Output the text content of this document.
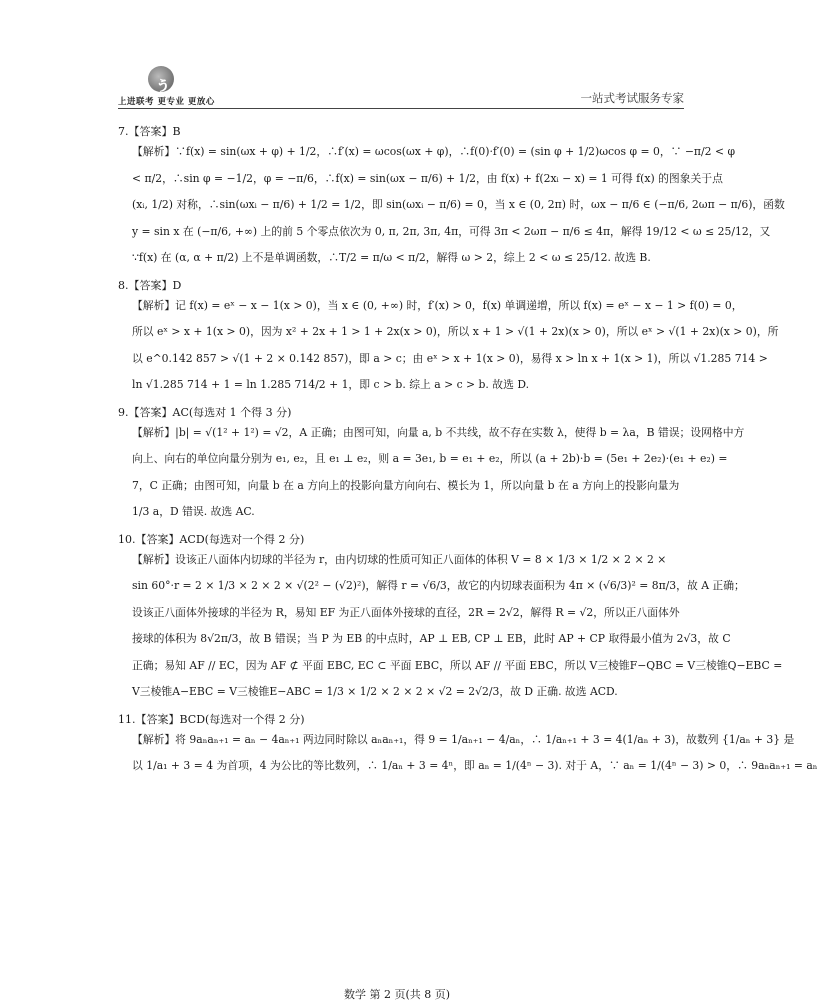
ぅ
上进联考 更专业 更放心	一站式考试服务专家
7.【答案】B

【解析】∵f(x) = sin(ωx + φ) + 1/2，∴f′(x) = ωcos(ωx + φ)，∴f(0)·f′(0) = (sin φ + 1/2)ωcos φ = 0，∵ −π/2 < φ

< π/2，∴sin φ = −1/2，φ = −π/6，∴f(x) = sin(ωx − π/6) + 1/2，由 f(x) + f(2xᵢ − x) = 1 可得 f(x) 的图象关于点

(xᵢ, 1/2) 对称，∴sin(ωxᵢ − π/6) + 1/2 = 1/2，即 sin(ωxᵢ − π/6) = 0，当 x ∈ (0, 2π) 时，ωx − π/6 ∈ (−π/6, 2ωπ − π/6)，函数

y = sin x 在 (−π/6, +∞) 上的前 5 个零点依次为 0, π, 2π, 3π, 4π，可得 3π < 2ωπ − π/6 ≤ 4π，解得 19/12 < ω ≤ 25/12，又

∵f(x) 在 (α, α + π/2) 上不是单调函数，∴T/2 = π/ω < π/2，解得 ω > 2，综上 2 < ω ≤ 25/12. 故选 B.

8.【答案】D

【解析】记 f(x) = eˣ − x − 1(x > 0)，当 x ∈ (0, +∞) 时，f′(x) > 0，f(x) 单调递增，所以 f(x) = eˣ − x − 1 > f(0) = 0，

所以 eˣ > x + 1(x > 0)，因为 x² + 2x + 1 > 1 + 2x(x > 0)，所以 x + 1 > √(1 + 2x)(x > 0)，所以 eˣ > √(1 + 2x)(x > 0)，所

以 e^0.142 857 > √(1 + 2 × 0.142 857)，即 a > c；由 eˣ > x + 1(x > 0)，易得 x > ln x + 1(x > 1)，所以 √1.285 714 >

ln √1.285 714 + 1 = ln 1.285 714/2 + 1，即 c > b. 综上 a > c > b. 故选 D.

9.【答案】AC(每选对 1 个得 3 分)

【解析】|b| = √(1² + 1²) = √2，A 正确；由图可知，向量 a, b 不共线，故不存在实数 λ，使得 b = λa，B 错误；设网格中方

向上、向右的单位向量分别为 e₁, e₂，且 e₁ ⊥ e₂，则 a = 3e₁, b = e₁ + e₂，所以 (a + 2b)·b = (5e₁ + 2e₂)·(e₁ + e₂) =

7，C 正确；由图可知，向量 b 在 a 方向上的投影向量方向向右、模长为 1，所以向量 b 在 a 方向上的投影向量为

1/3 a，D 错误. 故选 AC.

10.【答案】ACD(每选对一个得 2 分)

【解析】设该正八面体内切球的半径为 r，由内切球的性质可知正八面体的体积 V = 8 × 1/3 × 1/2 × 2 × 2 ×

sin 60°·r = 2 × 1/3 × 2 × 2 × √(2² − (√2)²)，解得 r = √6/3，故它的内切球表面积为 4π × (√6/3)² = 8π/3，故 A 正确；

设该正八面体外接球的半径为 R，易知 EF 为正八面体外接球的直径，2R = 2√2，解得 R = √2，所以正八面体外

接球的体积为 8√2π/3，故 B 错误；当 P 为 EB 的中点时，AP ⊥ EB, CP ⊥ EB，此时 AP + CP 取得最小值为 2√3，故 C

正确；易知 AF // EC，因为 AF ⊄ 平面 EBC, EC ⊂ 平面 EBC，所以 AF // 平面 EBC，所以 V三棱锥F−QBC = V三棱锥Q−EBC =

V三棱锥A−EBC = V三棱锥E−ABC = 1/3 × 1/2 × 2 × 2 × √2 = 2√2/3，故 D 正确. 故选 ACD.

11.【答案】BCD(每选对一个得 2 分)

【解析】将 9aₙaₙ₊₁ = aₙ − 4aₙ₊₁ 两边同时除以 aₙaₙ₊₁，得 9 = 1/aₙ₊₁ − 4/aₙ，∴ 1/aₙ₊₁ + 3 = 4(1/aₙ + 3)，故数列 {1/aₙ + 3} 是

以 1/a₁ + 3 = 4 为首项，4 为公比的等比数列，∴ 1/aₙ + 3 = 4ⁿ，即 aₙ = 1/(4ⁿ − 3). 对于 A，∵ aₙ = 1/(4ⁿ − 3) > 0，∴ 9aₙaₙ₊₁ = aₙ

数学 第 2 页(共 8 页)
